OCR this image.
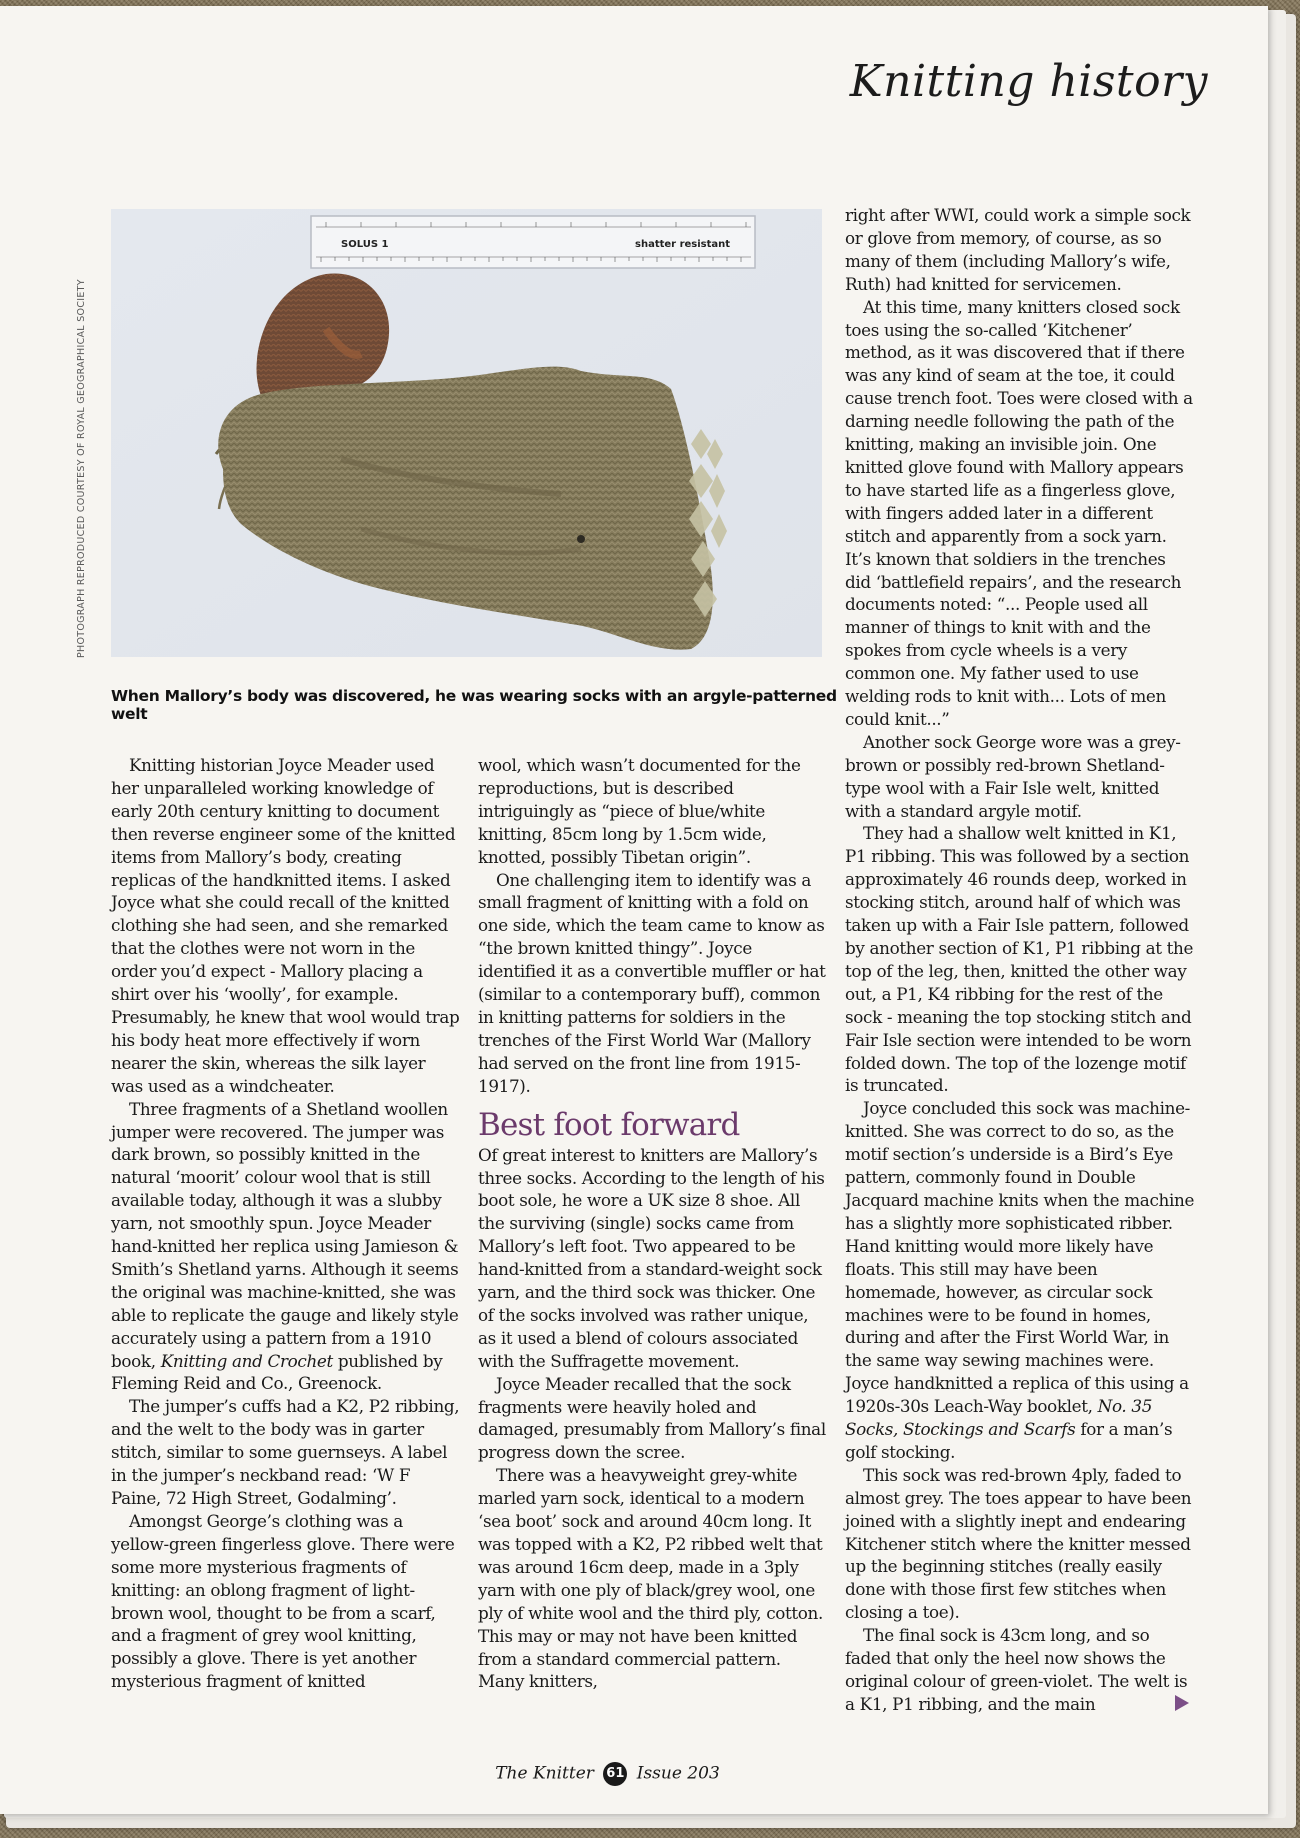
Knitting history
PHOTOGRAPH REPRODUCED COURTESY OF ROYAL GEOGRAPHICAL SOCIETY
SOLUS 1	shatter resistant

When Mallory’s body was discovered, he was wearing socks with an argyle-patterned welt

Knitting historian Joyce Meader used her unparalleled working knowledge of early 20th century knitting to document then reverse engineer some of the knitted items from Mallory’s body, creating replicas of the handknitted items. I asked Joyce what she could recall of the knitted clothing she had seen, and she remarked that the clothes were not worn in the order you’d expect - Mallory placing a shirt over his ‘woolly’, for example. Presumably, he knew that wool would trap his body heat more effectively if worn nearer the skin, whereas the silk layer was used as a windcheater.

Three fragments of a Shetland woollen jumper were recovered. The jumper was dark brown, so possibly knitted in the natural ‘moorit’ colour wool that is still available today, although it was a slubby yarn, not smoothly spun. Joyce Meader hand-knitted her replica using Jamieson & Smith’s Shetland yarns. Although it seems the original was machine-knitted, she was able to replicate the gauge and likely style accurately using a pattern from a 1910 book, Knitting and Crochet published by Fleming Reid and Co., Greenock.

The jumper’s cuffs had a K2, P2 ribbing, and the welt to the body was in garter stitch, similar to some guernseys. A label in the jumper’s neckband read: ‘W F Paine, 72 High Street, Godalming’.

Amongst George’s clothing was a yellow-green fingerless glove. There were some more mysterious fragments of knitting: an oblong fragment of light-brown wool, thought to be from a scarf, and a fragment of grey wool knitting, possibly a glove. There is yet another mysterious fragment of knitted

wool, which wasn’t documented for the reproductions, but is described intriguingly as “piece of blue/white knitting, 85cm long by 1.5cm wide, knotted, possibly Tibetan origin”.

One challenging item to identify was a small fragment of knitting with a fold on one side, which the team came to know as “the brown knitted thingy”. Joyce identified it as a convertible muffler or hat (similar to a contemporary buff), common in knitting patterns for soldiers in the trenches of the First World War (Mallory had served on the front line from 1915-1917).

Best foot forward

Of great interest to knitters are Mallory’s three socks. According to the length of his boot sole, he wore a UK size 8 shoe. All the surviving (single) socks came from Mallory’s left foot. Two appeared to be hand-knitted from a standard-weight sock yarn, and the third sock was thicker. One of the socks involved was rather unique, as it used a blend of colours associated with the Suffragette movement.

Joyce Meader recalled that the sock fragments were heavily holed and damaged, presumably from Mallory’s final progress down the scree.

There was a heavyweight grey-white marled yarn sock, identical to a modern ‘sea boot’ sock and around 40cm long. It was topped with a K2, P2 ribbed welt that was around 16cm deep, made in a 3ply yarn with one ply of black/grey wool, one ply of white wool and the third ply, cotton. This may or may not have been knitted from a standard commercial pattern. Many knitters,

right after WWI, could work a simple sock or glove from memory, of course, as so many of them (including Mallory’s wife, Ruth) had knitted for servicemen.

At this time, many knitters closed sock toes using the so-called ‘Kitchener’ method, as it was discovered that if there was any kind of seam at the toe, it could cause trench foot. Toes were closed with a darning needle following the path of the knitting, making an invisible join. One knitted glove found with Mallory appears to have started life as a fingerless glove, with fingers added later in a different stitch and apparently from a sock yarn. It’s known that soldiers in the trenches did ‘battlefield repairs’, and the research documents noted: “... People used all manner of things to knit with and the spokes from cycle wheels is a very common one. My father used to use welding rods to knit with... Lots of men could knit...”

Another sock George wore was a grey-brown or possibly red-brown Shetland-type wool with a Fair Isle welt, knitted with a standard argyle motif.

They had a shallow welt knitted in K1, P1 ribbing. This was followed by a section approximately 46 rounds deep, worked in stocking stitch, around half of which was taken up with a Fair Isle pattern, followed by another section of K1, P1 ribbing at the top of the leg, then, knitted the other way out, a P1, K4 ribbing for the rest of the sock - meaning the top stocking stitch and Fair Isle section were intended to be worn folded down. The top of the lozenge motif is truncated.

Joyce concluded this sock was machine-knitted. She was correct to do so, as the motif section’s underside is a Bird’s Eye pattern, commonly found in Double Jacquard machine knits when the machine has a slightly more sophisticated ribber. Hand knitting would more likely have floats. This still may have been homemade, however, as circular sock machines were to be found in homes, during and after the First World War, in the same way sewing machines were. Joyce handknitted a replica of this using a 1920s-30s Leach-Way booklet, No. 35 Socks, Stockings and Scarfs for a man’s golf stocking.

This sock was red-brown 4ply, faded to almost grey. The toes appear to have been joined with a slightly inept and endearing Kitchener stitch where the knitter messed up the beginning stitches (really easily done with those first few stitches when closing a toe).

The final sock is 43cm long, and so faded that only the heel now shows the original colour of green-violet. The welt is a K1, P1 ribbing, and the main

The Knitter 61 Issue 203
